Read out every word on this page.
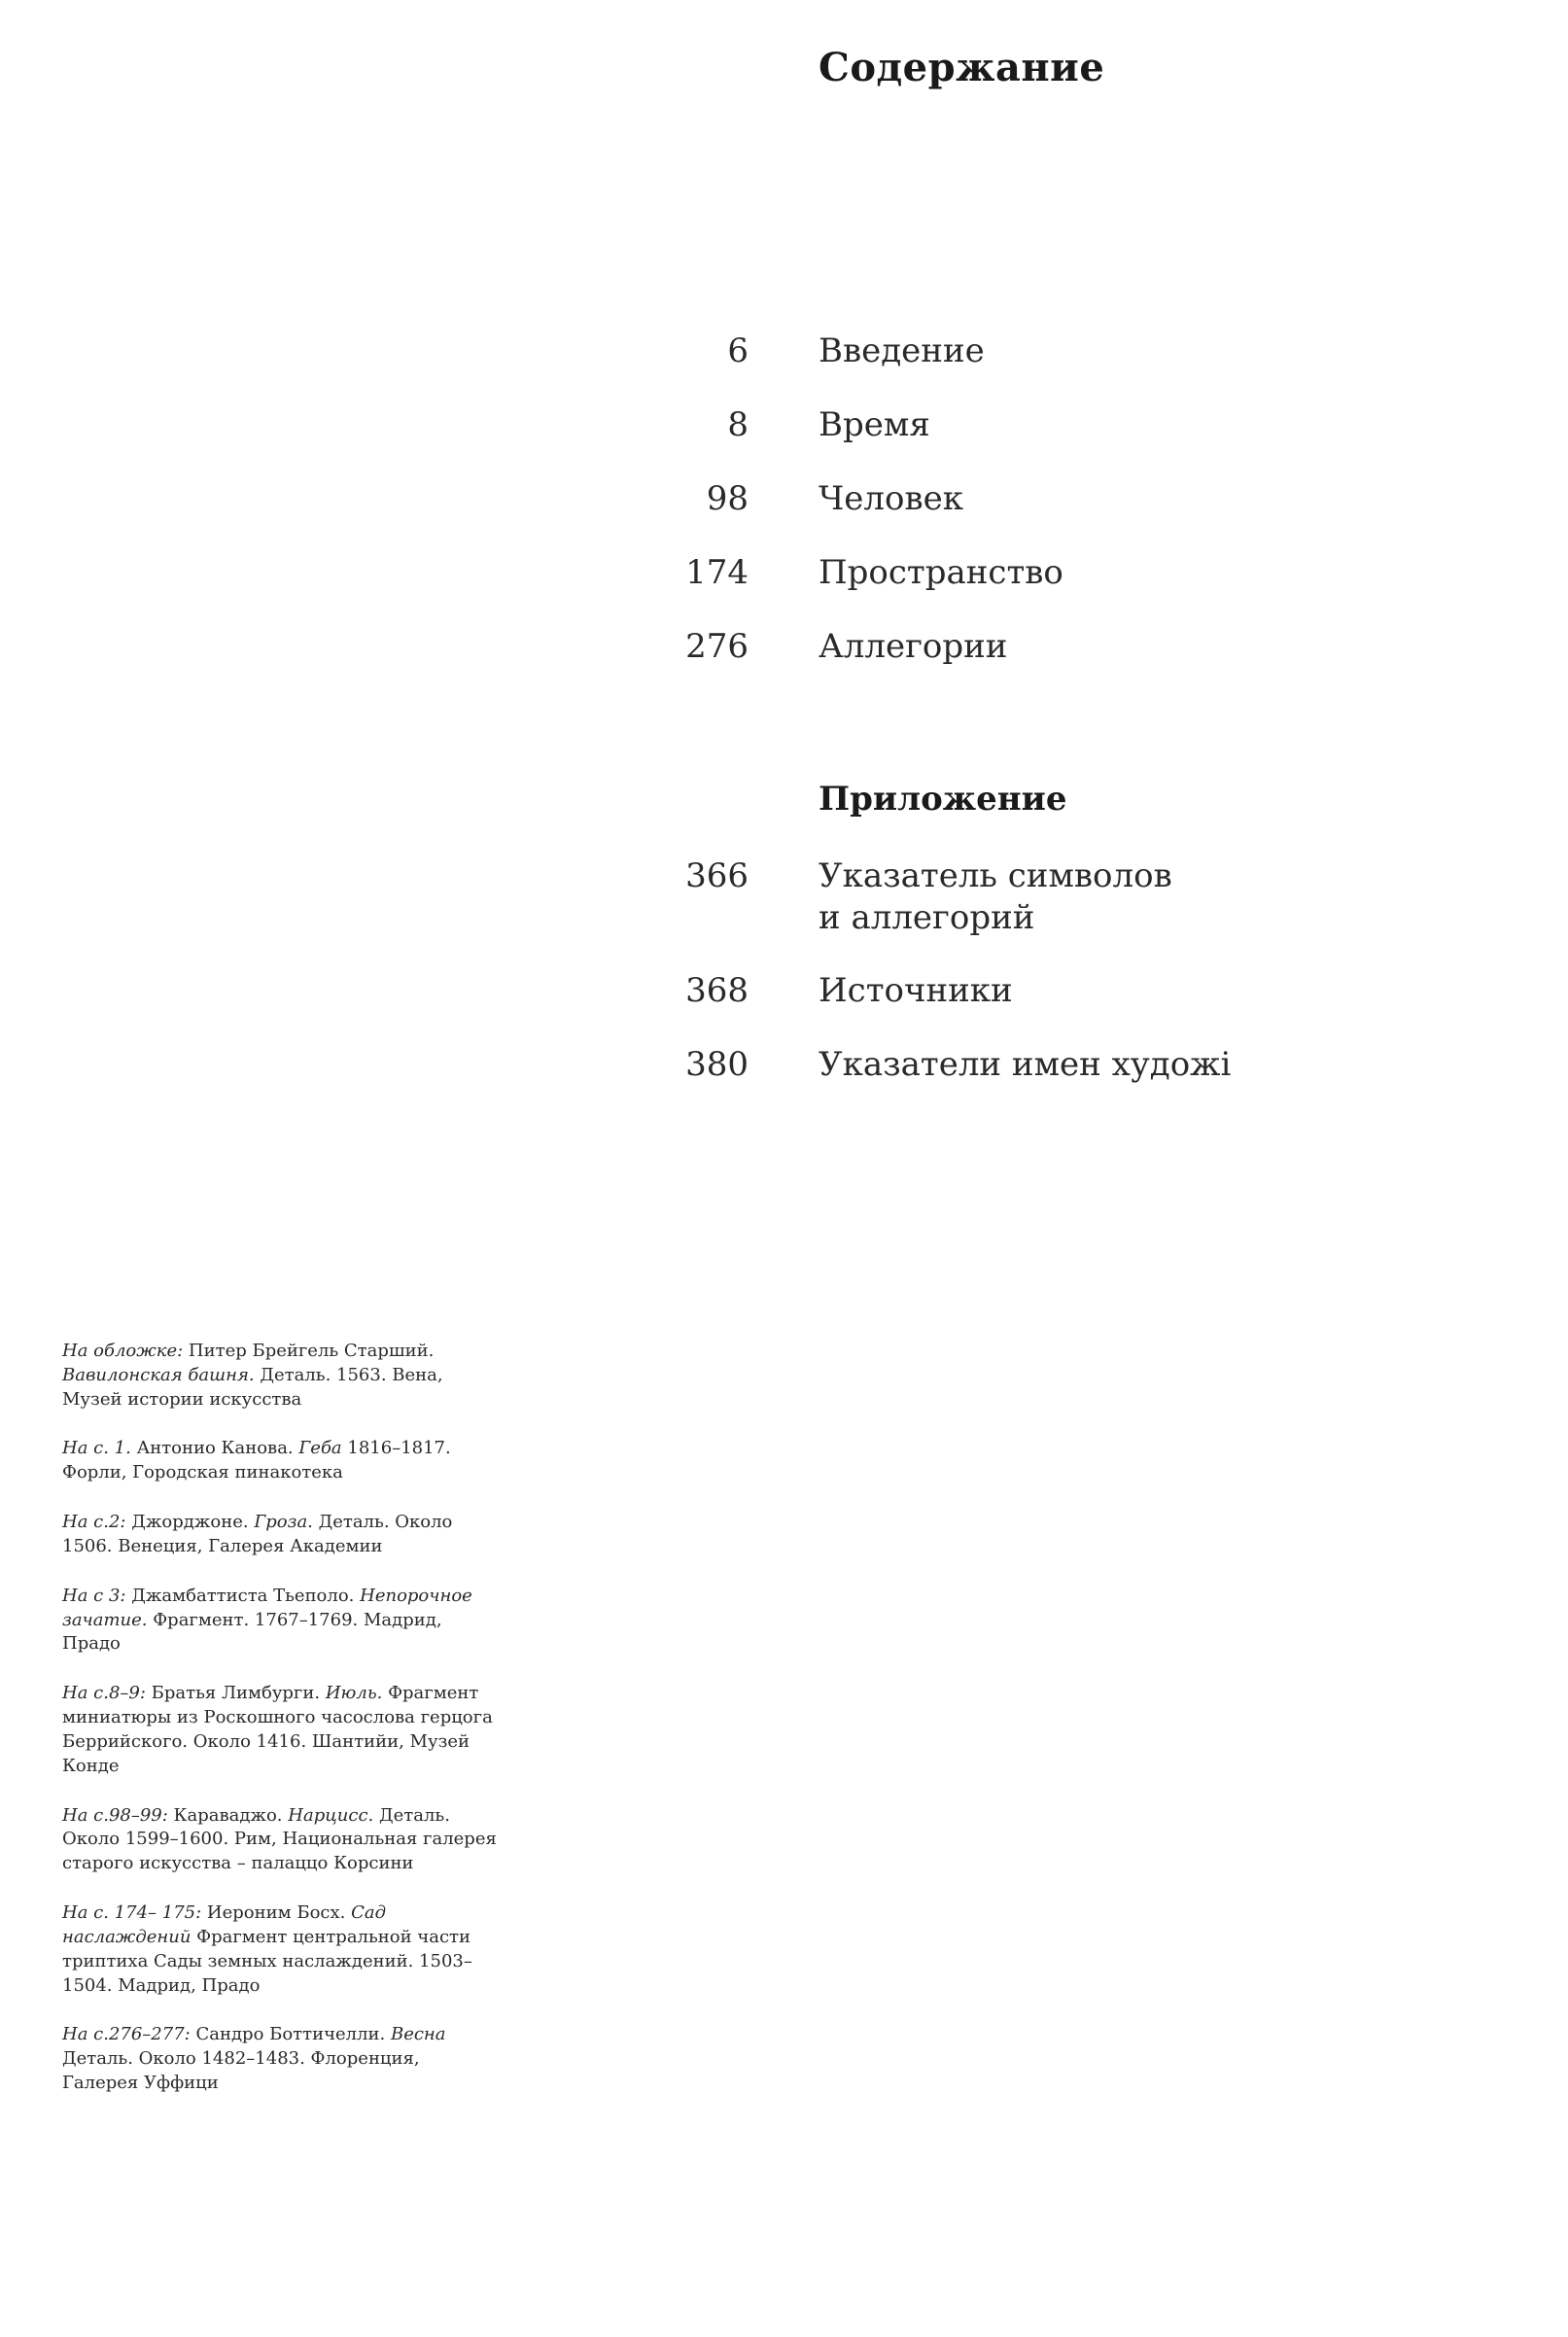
Содержание
6 Введение
8 Время
98 Человек
174 Пространство
276 Аллегории
Приложение
366 Указатель символов
и аллегорий
368 Источники
380 Указатели имен художі

На обложке: Питер Брейгель Старший. Вавилонская башня. Деталь. 1563. Вена, Музей истории искусства

На с. 1. Антонио Канова. Геба 1816–1817. Форли, Городская пинакотека

На с.2: Джорджоне. Гроза. Деталь. Около 1506. Венеция, Галерея Академии

На с 3: Джамбаттиста Тьеполо. Непорочное зачатие. Фрагмент. 1767–1769. Мадрид, Прадо

На с.8–9: Братья Лимбурги. Июль. Фрагмент миниатюры из Роскошного часослова герцога Беррийского. Около 1416. Шантийи, Музей Конде

На с.98–99: Караваджо. Нарцисс. Деталь. Около 1599–1600. Рим, Национальная галерея старого искусства – палаццо Корсини

На с. 174– 175: Иероним Босх. Сад наслаждений Фрагмент центральной части триптиха Сады земных наслаждений. 1503–1504. Мадрид, Прадо

На с.276–277: Сандро Боттичелли. Весна Деталь. Около 1482–1483. Флоренция, Галерея Уффици
